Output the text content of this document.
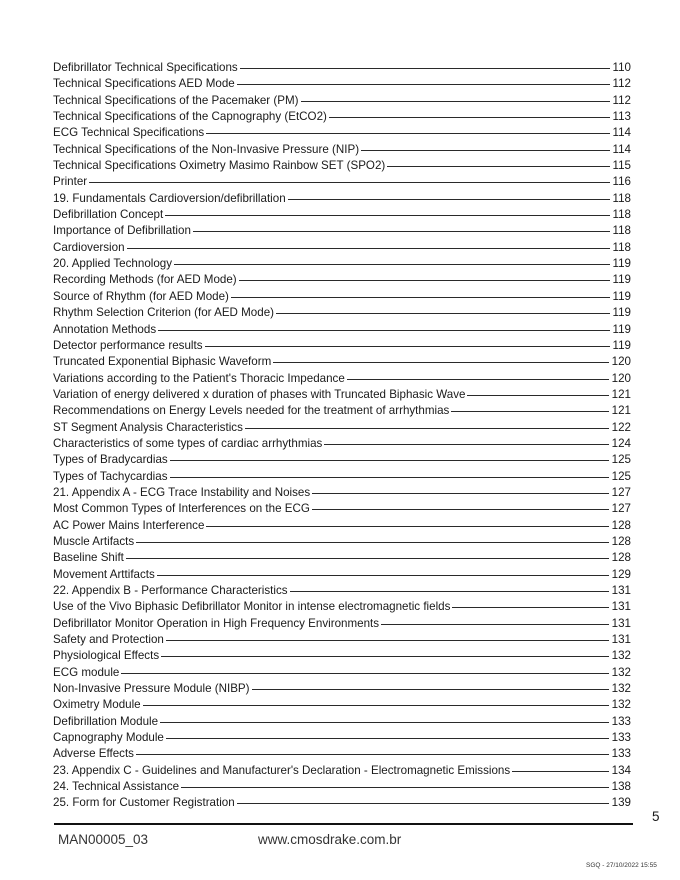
Defibrillator Technical Specifications	110
Technical Specifications AED Mode	112
Technical Specifications of the Pacemaker (PM)	112
Technical Specifications of the Capnography (EtCO2)	113
ECG Technical Specifications	114
Technical Specifications of the Non-Invasive Pressure (NIP)	114
Technical Specifications Oximetry Masimo Rainbow SET (SPO2)	115
Printer	116
19. Fundamentals Cardioversion/defibrillation	118
Defibrillation Concept	118
Importance of Defibrillation	118
Cardioversion	118
20. Applied Technology	119
Recording Methods (for AED Mode)	119
Source of Rhythm (for AED Mode)	119
Rhythm Selection Criterion (for AED Mode)	119
Annotation Methods	119
Detector performance results	119
Truncated Exponential Biphasic Waveform	120
Variations according to the Patient's Thoracic Impedance	120
Variation of energy delivered x duration of phases with Truncated Biphasic Wave	121
Recommendations on Energy Levels needed for the treatment of arrhythmias	121
ST Segment Analysis Characteristics	122
Characteristics of some types of cardiac arrhythmias	124
Types of Bradycardias	125
Types of Tachycardias	125
21. Appendix A - ECG Trace Instability and Noises	127
Most Common Types of Interferences on the ECG	127
AC Power Mains Interference	128
Muscle Artifacts	128
Baseline Shift	128
Movement Arttifacts	129
22. Appendix B - Performance Characteristics	131
Use of the Vivo Biphasic Defibrillator Monitor in intense electromagnetic fields	131
Defibrillator Monitor Operation in High Frequency Environments	131
Safety and Protection	131
Physiological Effects	132
ECG module	132
Non-Invasive Pressure Module (NIBP)	132
Oximetry Module	132
Defibrillation Module	133
Capnography Module	133
Adverse Effects	133
23. Appendix C - Guidelines and Manufacturer's Declaration - Electromagnetic Emissions	134
24. Technical Assistance	138
25. Form for Customer Registration	139
5
MAN00005_03	www.cmosdrake.com.br
SGQ - 27/10/2022 15:55
